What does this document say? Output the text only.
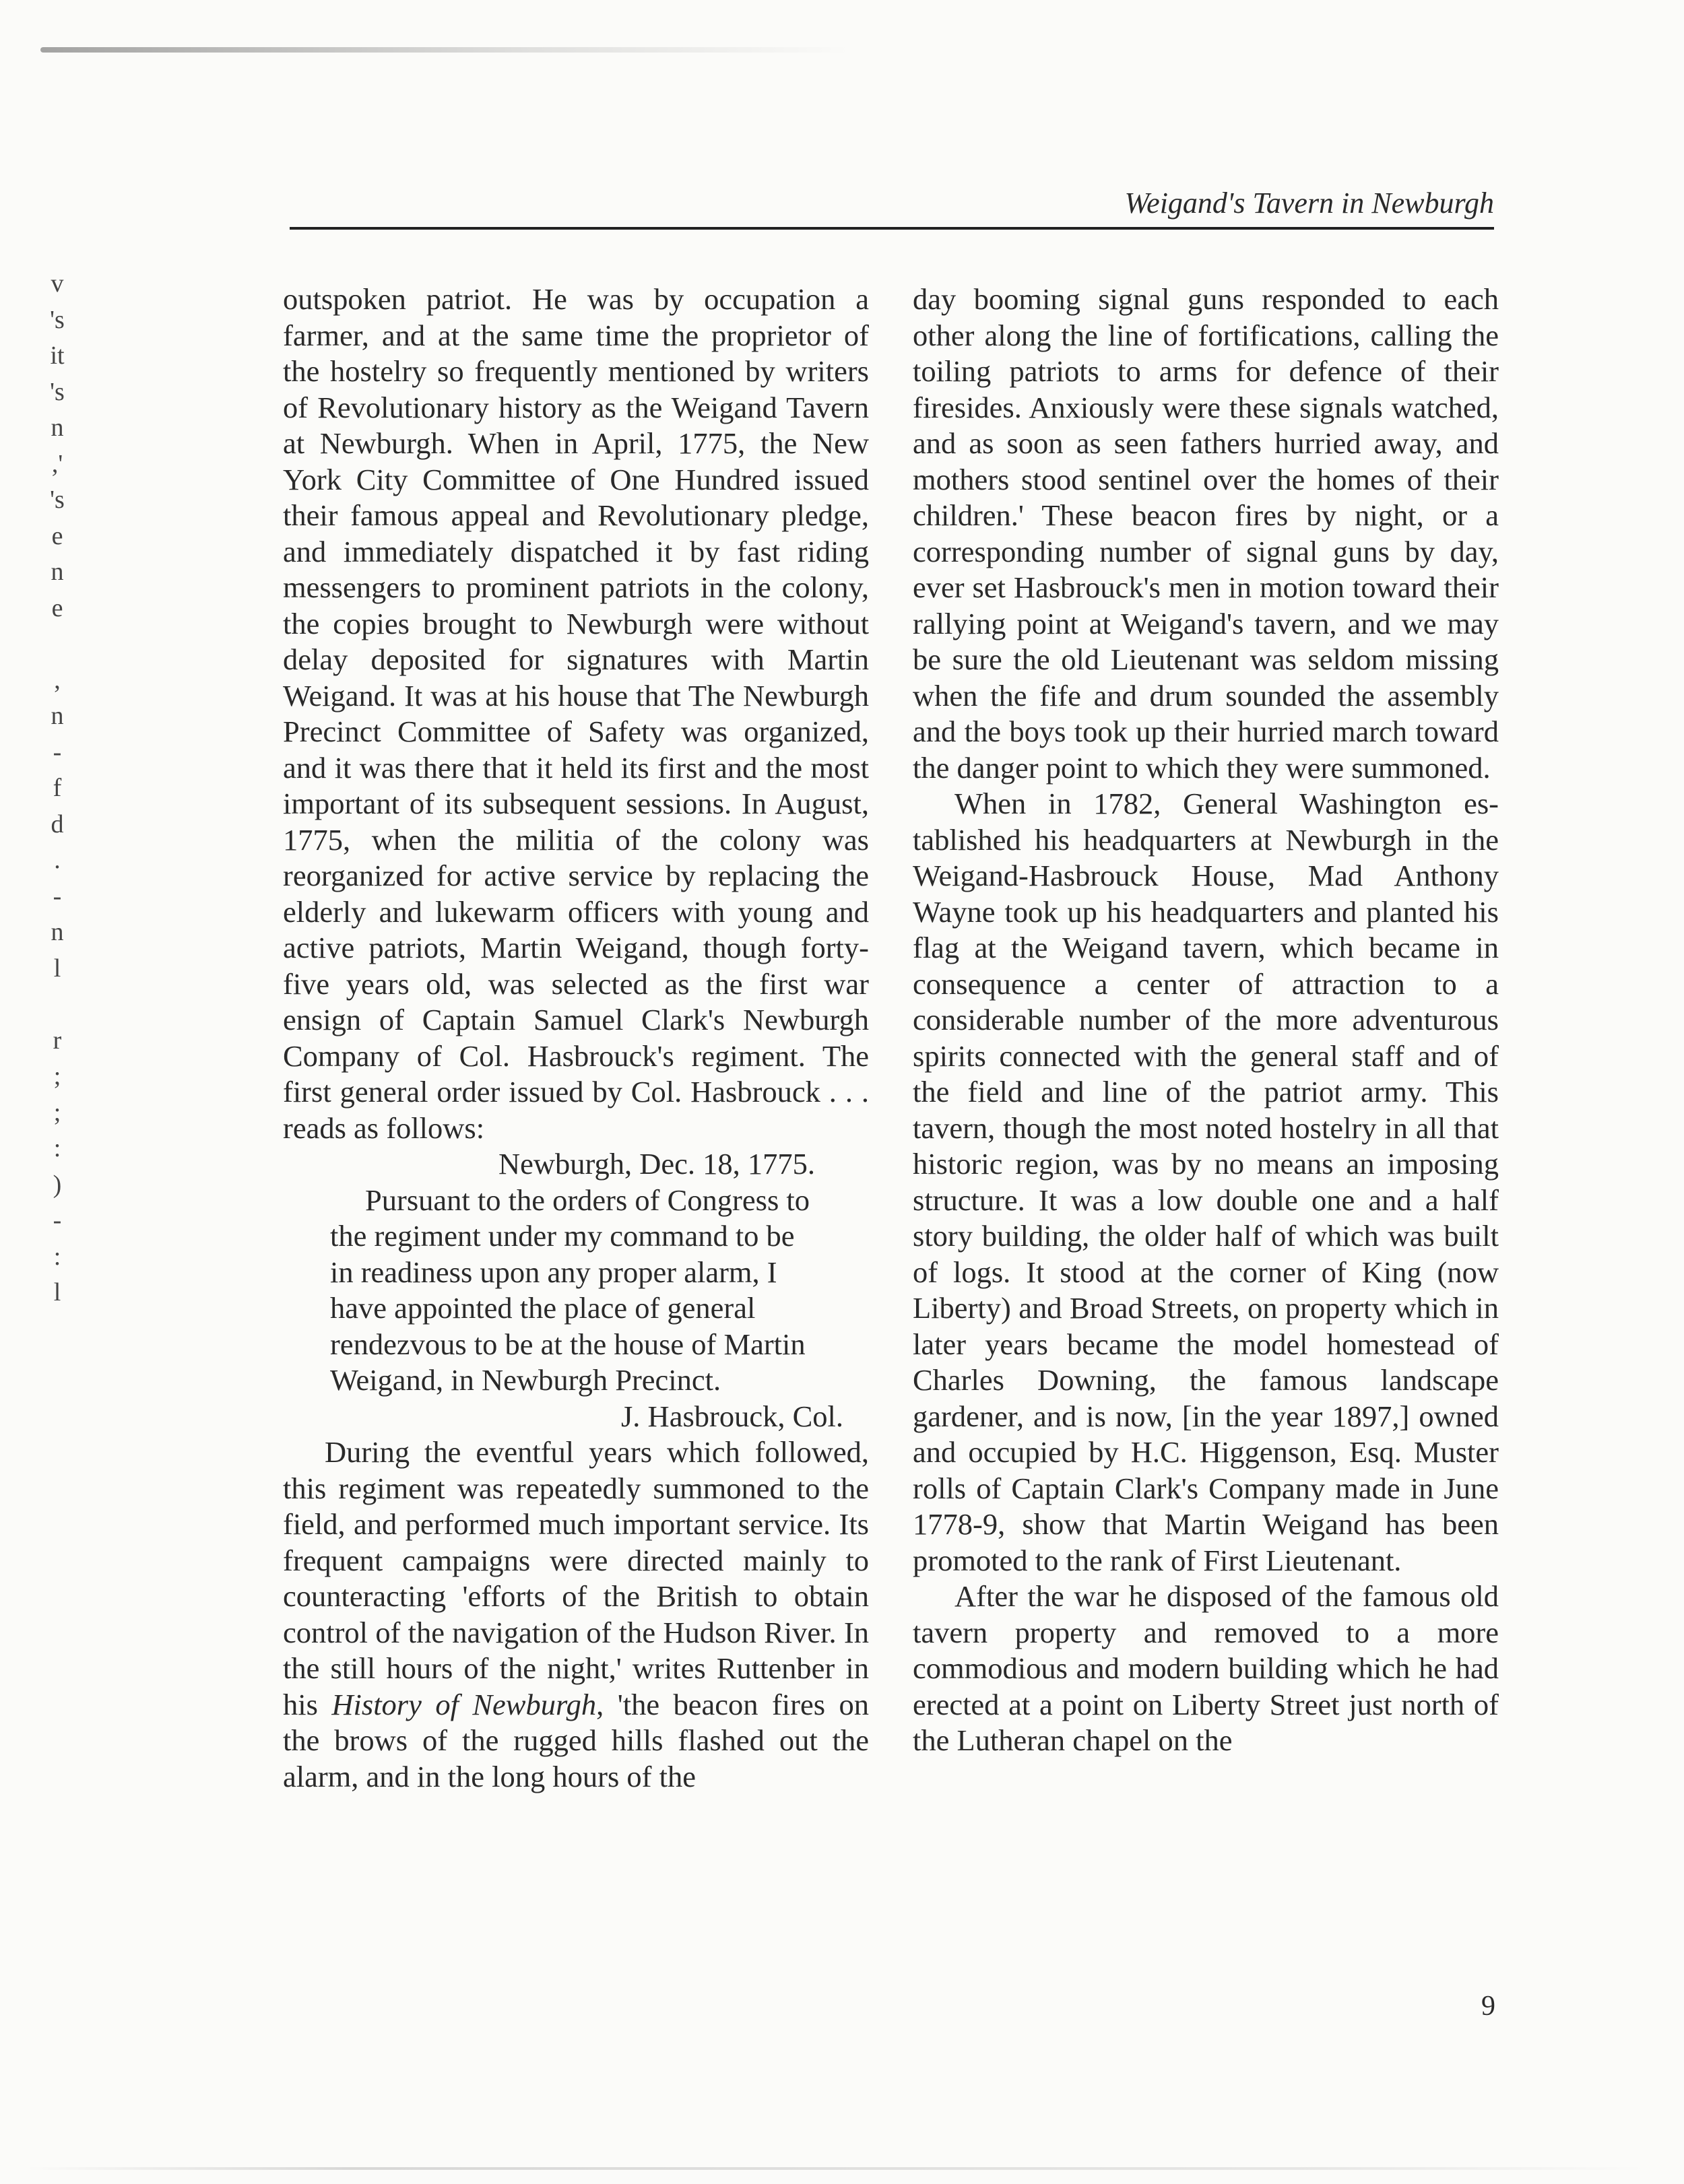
v
's
it
's
n
,'
's
e
n
e

,
n
-
f
d
.
-
n
l

r
;
;
:
)
-
:
l
Weigand's Tavern in Newburgh

outspoken patriot. He was by occupation a farmer, and at the same time the proprietor of the hostelry so frequently mentioned by writers of Revolutionary history as the Weigand Tavern at Newburgh. When in April, 1775, the New York City Committee of One Hundred issued their famous appeal and Revolutionary pledge, and immediately dispatched it by fast riding messengers to prominent patriots in the colony, the copies brought to Newburgh were without delay deposited for signatures with Martin Weigand. It was at his house that The Newburgh Precinct Committee of Safety was organized, and it was there that it held its first and the most important of its subsequent sessions. In August, 1775, when the militia of the colony was reorganized for active service by replacing the elderly and lukewarm officers with young and active patriots, Martin Weigand, though forty-five years old, was selected as the first war ensign of Captain Samuel Clark's Newburgh Company of Col. Hasbrouck's regiment. The first general order issued by Col. Hasbrouck . . . reads as follows:

Newburgh, Dec. 18, 1775.

Pursuant to the orders of Congress to the regiment under my command to be in readiness upon any proper alarm, I have appointed the place of general rendezvous to be at the house of Martin Weigand, in Newburgh Precinct.

J. Hasbrouck, Col.

During the eventful years which followed, this regiment was repeatedly summoned to the field, and performed much important service. Its frequent campaigns were directed mainly to counteracting 'efforts of the British to obtain control of the navigation of the Hudson River. In the still hours of the night,' writes Ruttenber in his History of Newburgh, 'the beacon fires on the brows of the rugged hills flashed out the alarm, and in the long hours of the

day booming signal guns responded to each other along the line of fortifications, calling the toiling patriots to arms for defence of their firesides. Anxiously were these signals watched, and as soon as seen fathers hurried away, and mothers stood sentinel over the homes of their children.' These beacon fires by night, or a corresponding number of signal guns by day, ever set Hasbrouck's men in motion toward their rallying point at Weigand's tavern, and we may be sure the old Lieutenant was seldom missing when the fife and drum sounded the assembly and the boys took up their hurried march toward the danger point to which they were summoned.

When in 1782, General Washington established his headquarters at Newburgh in the Weigand-Hasbrouck House, Mad Anthony Wayne took up his headquarters and planted his flag at the Weigand tavern, which became in consequence a center of attraction to a considerable number of the more adventurous spirits connected with the general staff and of the field and line of the patriot army. This tavern, though the most noted hostelry in all that historic region, was by no means an imposing structure. It was a low double one and a half story building, the older half of which was built of logs. It stood at the corner of King (now Liberty) and Broad Streets, on property which in later years became the model homestead of Charles Downing, the famous landscape gardener, and is now, [in the year 1897,] owned and occupied by H.C. Higgenson, Esq. Muster rolls of Captain Clark's Company made in June 1778-9, show that Martin Weigand has been promoted to the rank of First Lieutenant.

After the war he disposed of the famous old tavern property and removed to a more commodious and modern building which he had erected at a point on Liberty Street just north of the Lutheran chapel on the

9
